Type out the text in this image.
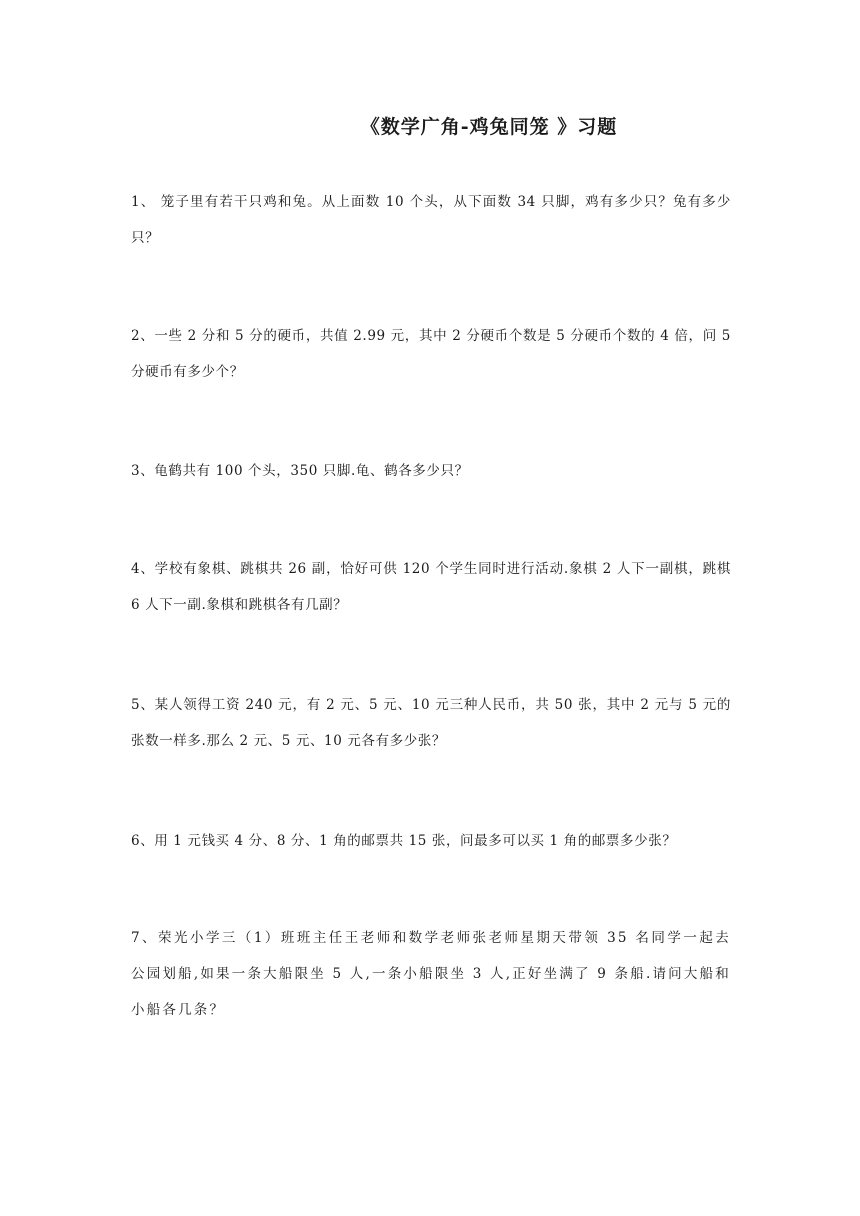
《数学广角-鸡兔同笼 》习题
1、 笼子里有若干只鸡和兔。从上面数 10 个头，从下面数 34 只脚，鸡有多少只？兔有多少只？
2、一些 2 分和 5 分的硬币，共值 2.99 元，其中 2 分硬币个数是 5 分硬币个数的 4 倍，问 5 分硬币有多少个？
3、龟鹤共有 100 个头，350 只脚.龟、鹤各多少只？
4、学校有象棋、跳棋共 26 副，恰好可供 120 个学生同时进行活动.象棋 2 人下一副棋，跳棋 6 人下一副.象棋和跳棋各有几副？
5、某人领得工资 240 元，有 2 元、5 元、10 元三种人民币，共 50 张，其中 2 元与 5 元的张数一样多.那么 2 元、5 元、10 元各有多少张？
6、用 1 元钱买 4 分、8 分、1 角的邮票共 15 张，问最多可以买 1 角的邮票多少张？
7、荣光小学三（1）班班主任王老师和数学老师张老师星期天带领 35 名同学一起去公园划船,如果一条大船限坐 5 人,一条小船限坐 3 人,正好坐满了 9 条船.请问大船和小船各几条？
